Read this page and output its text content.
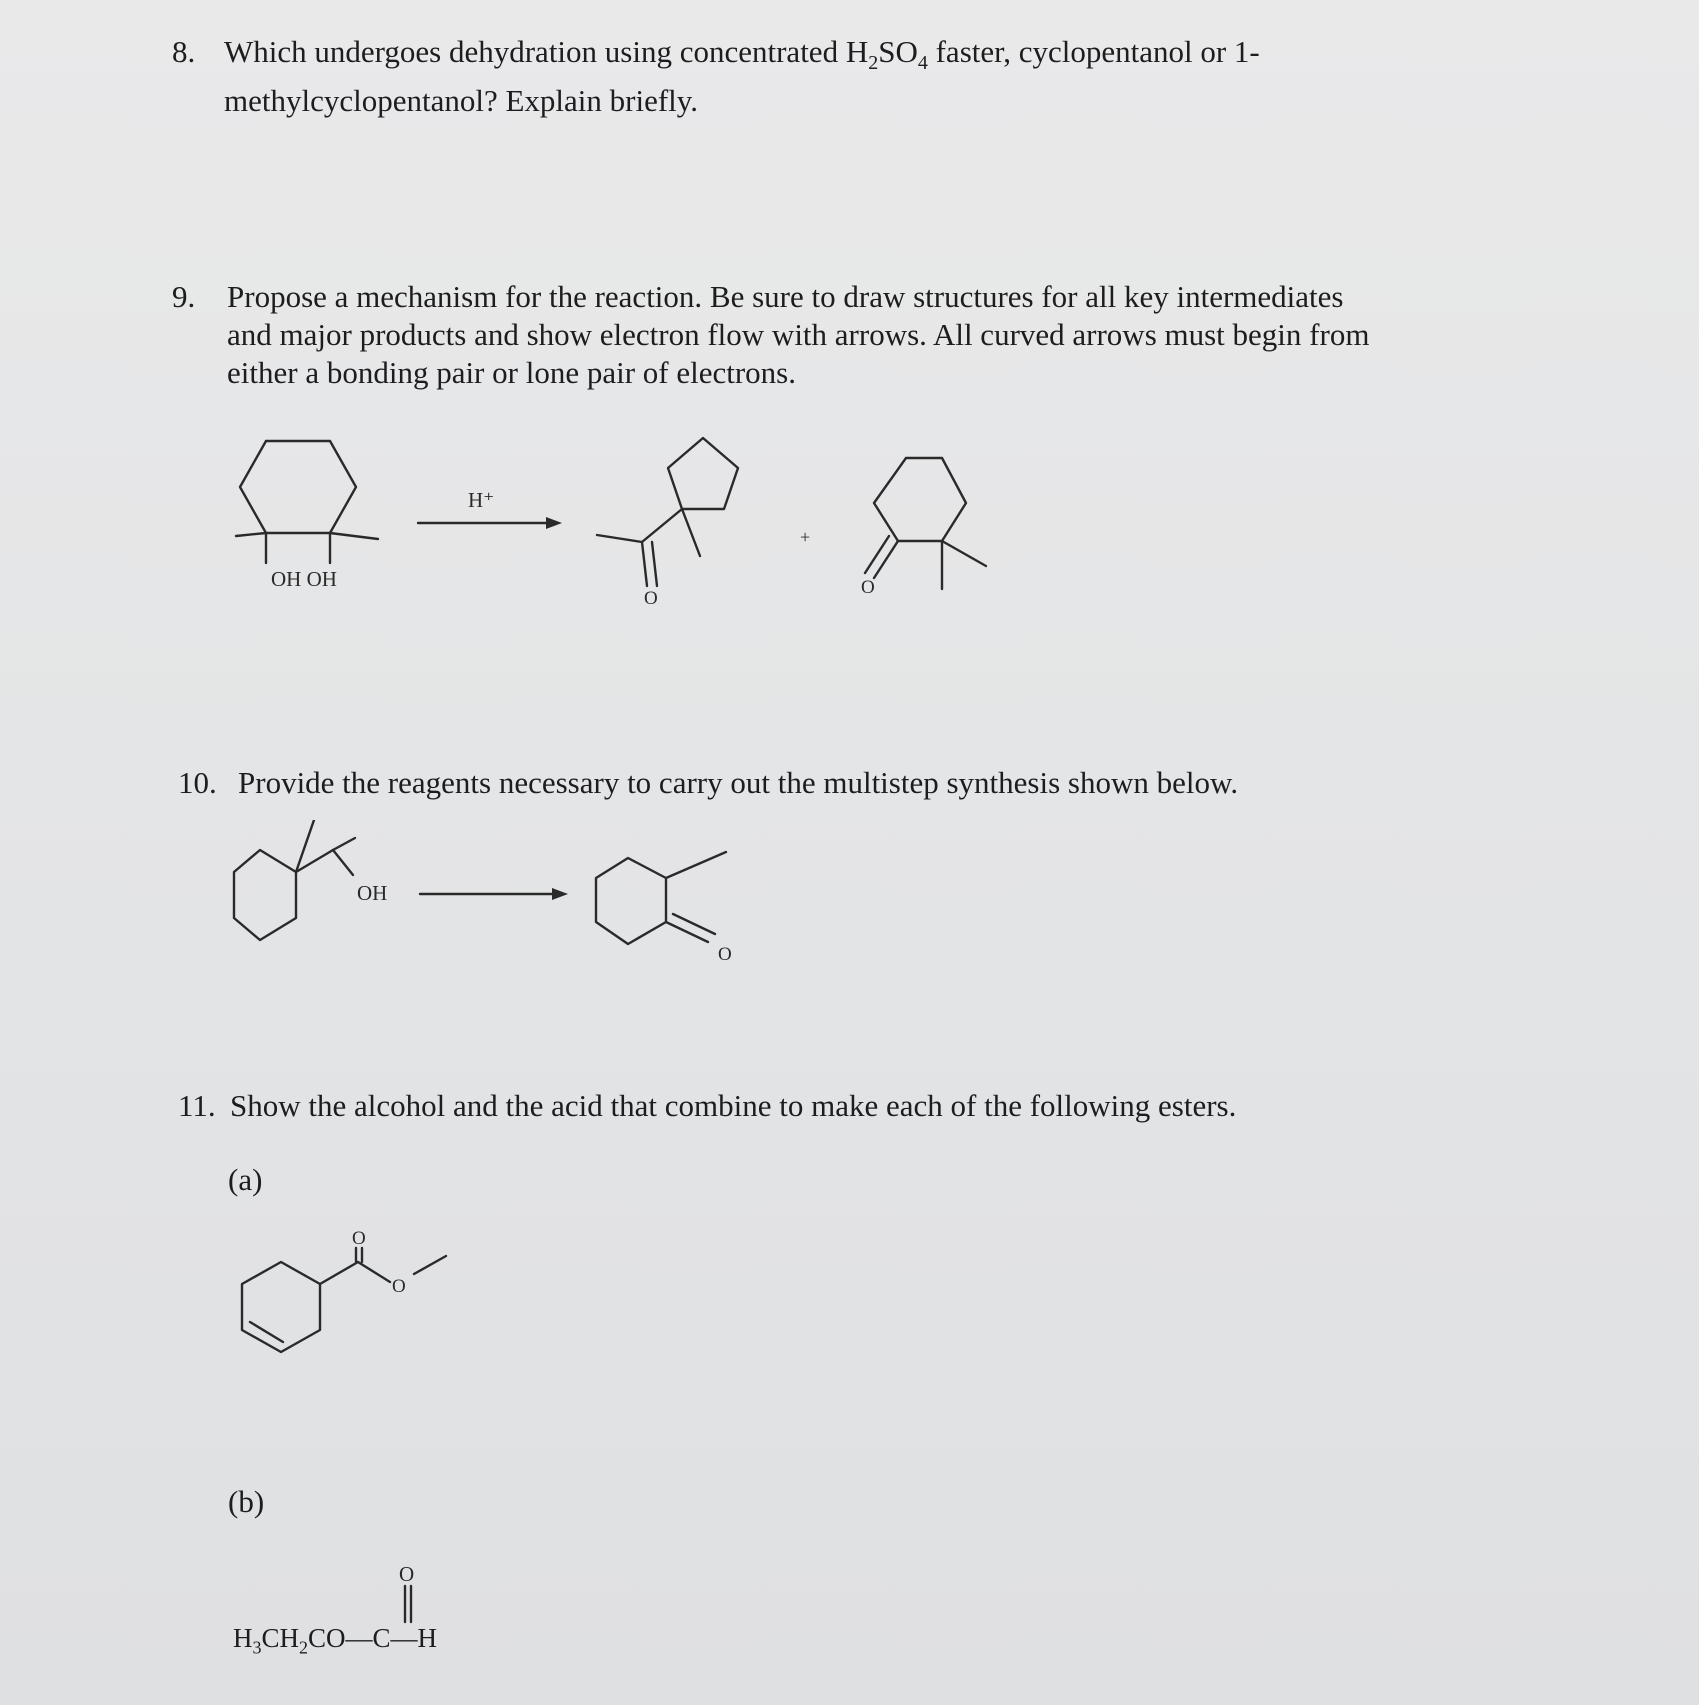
8. Which undergoes dehydration using concentrated $H_2SO_4$ faster, cyclopentanol or 1-
methylcyclopentanol? Explain briefly.
9. Propose a mechanism for the reaction. Be sure to draw structures for all key intermediates
and major products and show electron flow with arrows. All curved arrows must begin from
either a bonding pair or lone pair of electrons.
OH OH
H⁺
O
+
O
10. Provide the reagents necessary to carry out the multistep synthesis shown below.
OH
O
11. Show the alcohol and the acid that combine to make each of the following esters.
(a)
O
O
(b)
$H_3CH_2CO—C—H$
O
